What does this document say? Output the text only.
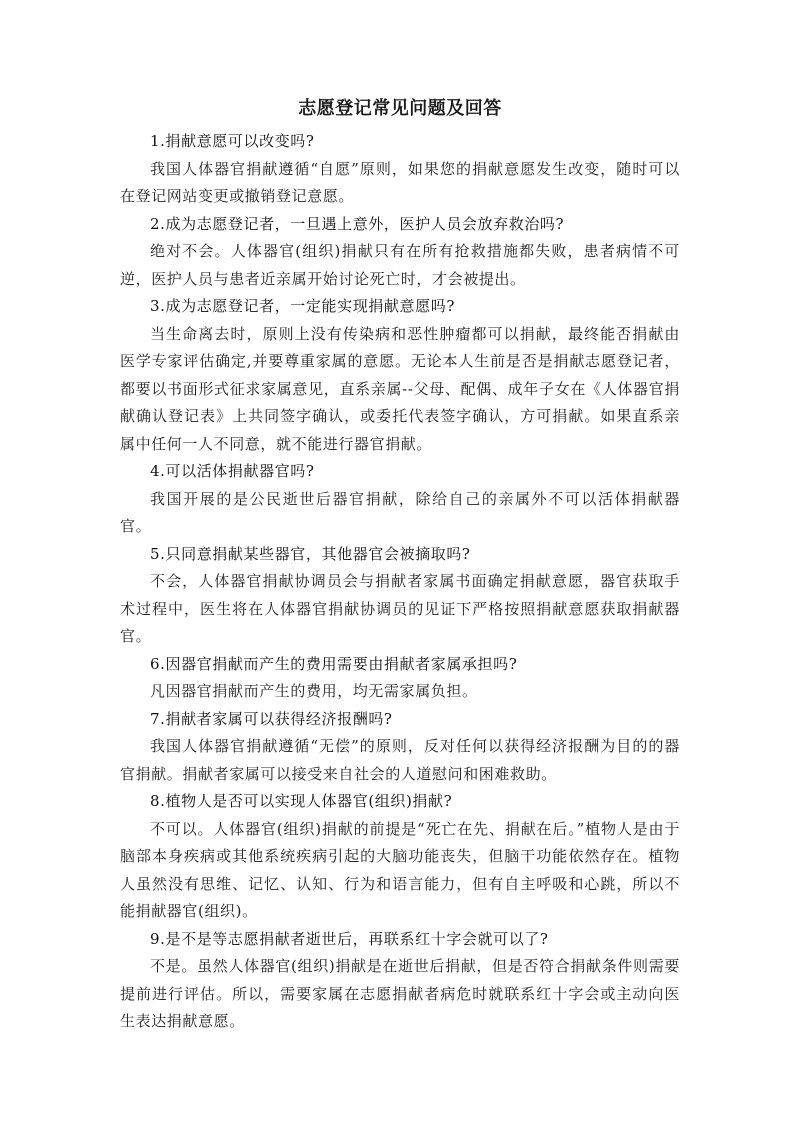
志愿登记常见问题及回答

1.捐献意愿可以改变吗?

我国人体器官捐献遵循“自愿”原则，如果您的捐献意愿发生改变，随时可以在登记网站变更或撤销登记意愿。

2.成为志愿登记者，一旦遇上意外，医护人员会放弃救治吗?

绝对不会。人体器官(组织)捐献只有在所有抢救措施都失败，患者病情不可逆，医护人员与患者近亲属开始讨论死亡时，才会被提出。

3.成为志愿登记者，一定能实现捐献意愿吗?

当生命离去时，原则上没有传染病和恶性肿瘤都可以捐献，最终能否捐献由医学专家评估确定,并要尊重家属的意愿。无论本人生前是否是捐献志愿登记者，都要以书面形式征求家属意见，直系亲属--父母、配偶、成年子女在《人体器官捐献确认登记表》上共同签字确认，或委托代表签字确认，方可捐献。如果直系亲属中任何一人不同意，就不能进行器官捐献。

4.可以活体捐献器官吗?

我国开展的是公民逝世后器官捐献，除给自己的亲属外不可以活体捐献器官。

5.只同意捐献某些器官，其他器官会被摘取吗?

不会，人体器官捐献协调员会与捐献者家属书面确定捐献意愿，器官获取手术过程中，医生将在人体器官捐献协调员的见证下严格按照捐献意愿获取捐献器官。

6.因器官捐献而产生的费用需要由捐献者家属承担吗?

凡因器官捐献而产生的费用，均无需家属负担。

7.捐献者家属可以获得经济报酬吗?

我国人体器官捐献遵循“无偿”的原则，反对任何以获得经济报酬为目的的器官捐献。捐献者家属可以接受来自社会的人道慰问和困难救助。

8.植物人是否可以实现人体器官(组织)捐献?

不可以。人体器官(组织)捐献的前提是“死亡在先、捐献在后。”植物人是由于脑部本身疾病或其他系统疾病引起的大脑功能丧失，但脑干功能依然存在。植物人虽然没有思维、记忆、认知、行为和语言能力，但有自主呼吸和心跳，所以不能捐献器官(组织)。

9.是不是等志愿捐献者逝世后，再联系红十字会就可以了?

不是。虽然人体器官(组织)捐献是在逝世后捐献，但是否符合捐献条件则需要提前进行评估。所以，需要家属在志愿捐献者病危时就联系红十字会或主动向医生表达捐献意愿。
